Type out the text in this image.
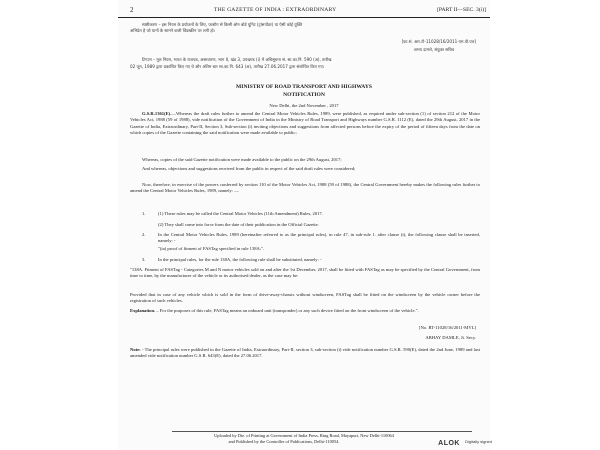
2	THE GAZETTE OF INDIA : EXTRAORDINARY	[PART II—SEC. 3(i)]
स्पष्टीकरण – इस नियम के प्रयोजनों के लिए, फास्टैग से किसी ऑन बोर्ड यूनिट (ट्रांसपोंडर) या ऐसी कोई युक्ति
अभिप्रेत है जो यानों के सामने वाली विंडस्क्रीन पर लगी हो।
[फा.सं. आर.टी-11028/16/2011-एम.वी.एल]
अभय दामले, संयुक्त सचिव
टिप्पण – मूल नियम, भारत के राजपत्र, असाधारण, भाग II, खंड 3, उपखण्ड (i) में अधिसूचना सं. सा.का.नि. 590 (अ), तारीख
02 जून, 1989 द्वारा प्रकाशित किए गए थे और अंतिम बार सा.का.नि. 643 (अ), तारीख 27.06.2017 द्वारा संशोधित किए गए।
MINISTRY OF ROAD TRANSPORT AND HIGHWAYS
NOTIFICATION
New Delhi, the 2nd November , 2017
G.S.R.1361(E).—Whereas the draft rules further to amend the Central Motor Vehicles Rules, 1989, were published, as required under sub-section (1) of section 212 of the Motor Vehicles Act, 1988 (59 of 1988), vide notification of the Government of India in the Ministry of Road Transport and Highways number G.S.R. 1112 (E), dated the 29th August, 2017 in the Gazette of India, Extraordinary, Part-II, Section 3, Sub-section (i) inviting objections and suggestions from affected persons before the expiry of the period of fifteen days from the date on which copies of the Gazette containing the said notification were made available to public;
Whereas, copies of the said Gazette notification were made available to the public on the 29th August, 2017;
And whereas, objections and suggestions received from the public in respect of the said draft rules were considered;
Now, therefore, in exercise of the powers conferred by section 110 of the Motor Vehicles Act, 1988 (59 of 1988), the Central Government hereby makes the following rules further to amend the Central Motor Vehicles Rules, 1989, namely: —
1.	(1) These rules may be called the Central Motor Vehicles (11th Amendment) Rules, 2017.
(2) They shall come into force from the date of their publication in the Official Gazette.
2.	In the Central Motor Vehicles Rules, 1989 (hereinafter referred to as the principal rules), in rule 47, in sub-rule 1. after clause (i), the following clause shall be inserted, namely: -
"(ia) proof of fitment of FASTag specified in rule 138A;".
3.	In the principal rules, for the rule 138A, the following rule shall be substituted, namely: -
"138A. Fitment of FASTag - Categories M and N motor vehicles sold on and after the 1st December, 2017, shall be fitted with FASTag as may be specified by the Central Government, from time to time, by the manufacturer of the vehicle or its authorised dealer, as the case may be:
Provided that in case of any vehicle which is sold in the form of drive-away-chassis without windscreen, FASTag shall be fitted on the windscreen by the vehicle owner before the registration of such vehicles.
Explanation. – For the purposes of this rule, FASTag means an onboard unit (transponder) or any such device fitted on the front windscreen of the vehicle.".
[No. RT-11028/16/2011-MVL]
ABHAY DAMLE, Jt. Secy.
Note: - The principal rules were published in the Gazette of India, Extraordinary, Part-II, section 3, sub-section (i) vide notification number G.S.R. 590(E), dated the 2nd June, 1989 and last amended vide notification number G.S.R. 643(E), dated the 27.06.2017.
Uploaded by Dte. of Printing at Government of India Press, Ring Road, Mayapuri, New Delhi-110064
and Published by the Controller of Publications, Delhi-110054.	ALOK Digitally signed
